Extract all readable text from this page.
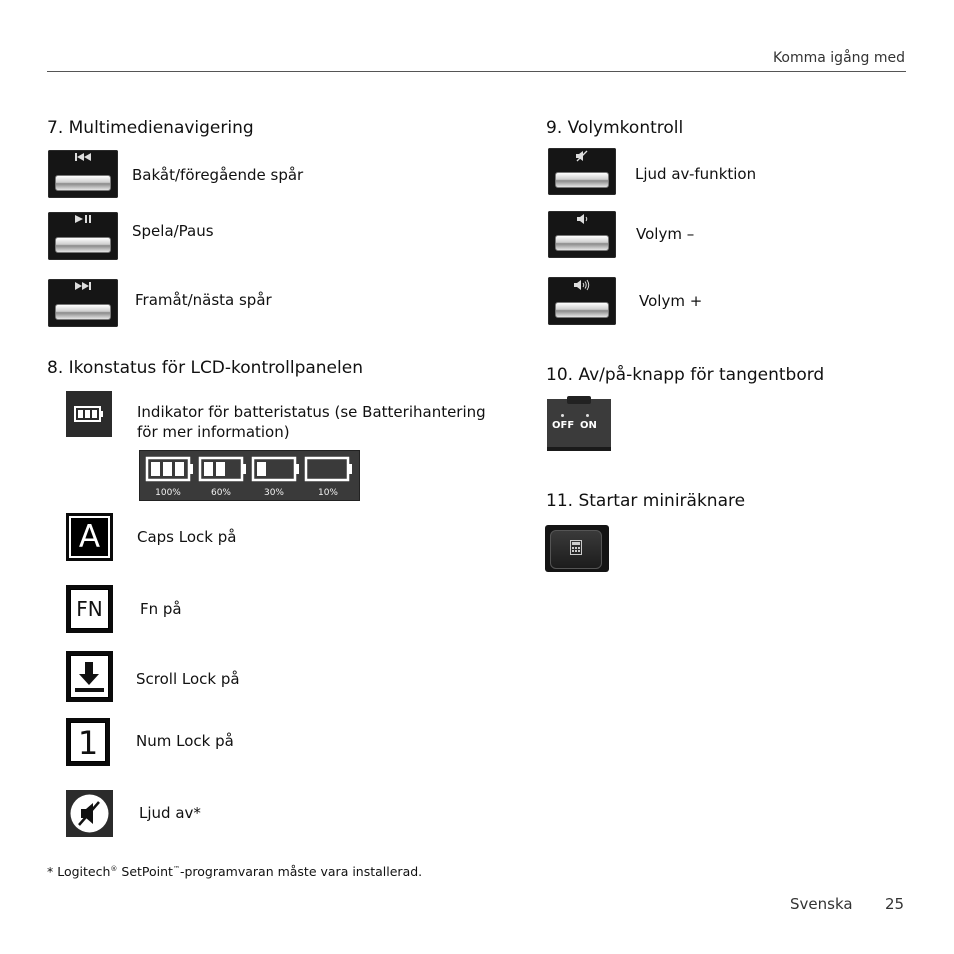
Komma igång med
7. Multimedienavigering
Bakåt/föregående spår
Spela/Paus
Framåt/nästa spår
8. Ikonstatus för LCD-kontrollpanelen
Indikator för batteristatus (se Batterihantering för mer information)
100%	60%	30%	10%
A	Caps Lock på
FN	Fn på
Scroll Lock på
1	Num Lock på
Ljud av*
9. Volymkontroll
Ljud av-funktion
Volym –
Volym +
10. Av/på-knapp för tangentbord
OFF ON
11. Startar miniräknare
* Logitech® SetPoint™-programvaran måste vara installerad.
Svenska 25
